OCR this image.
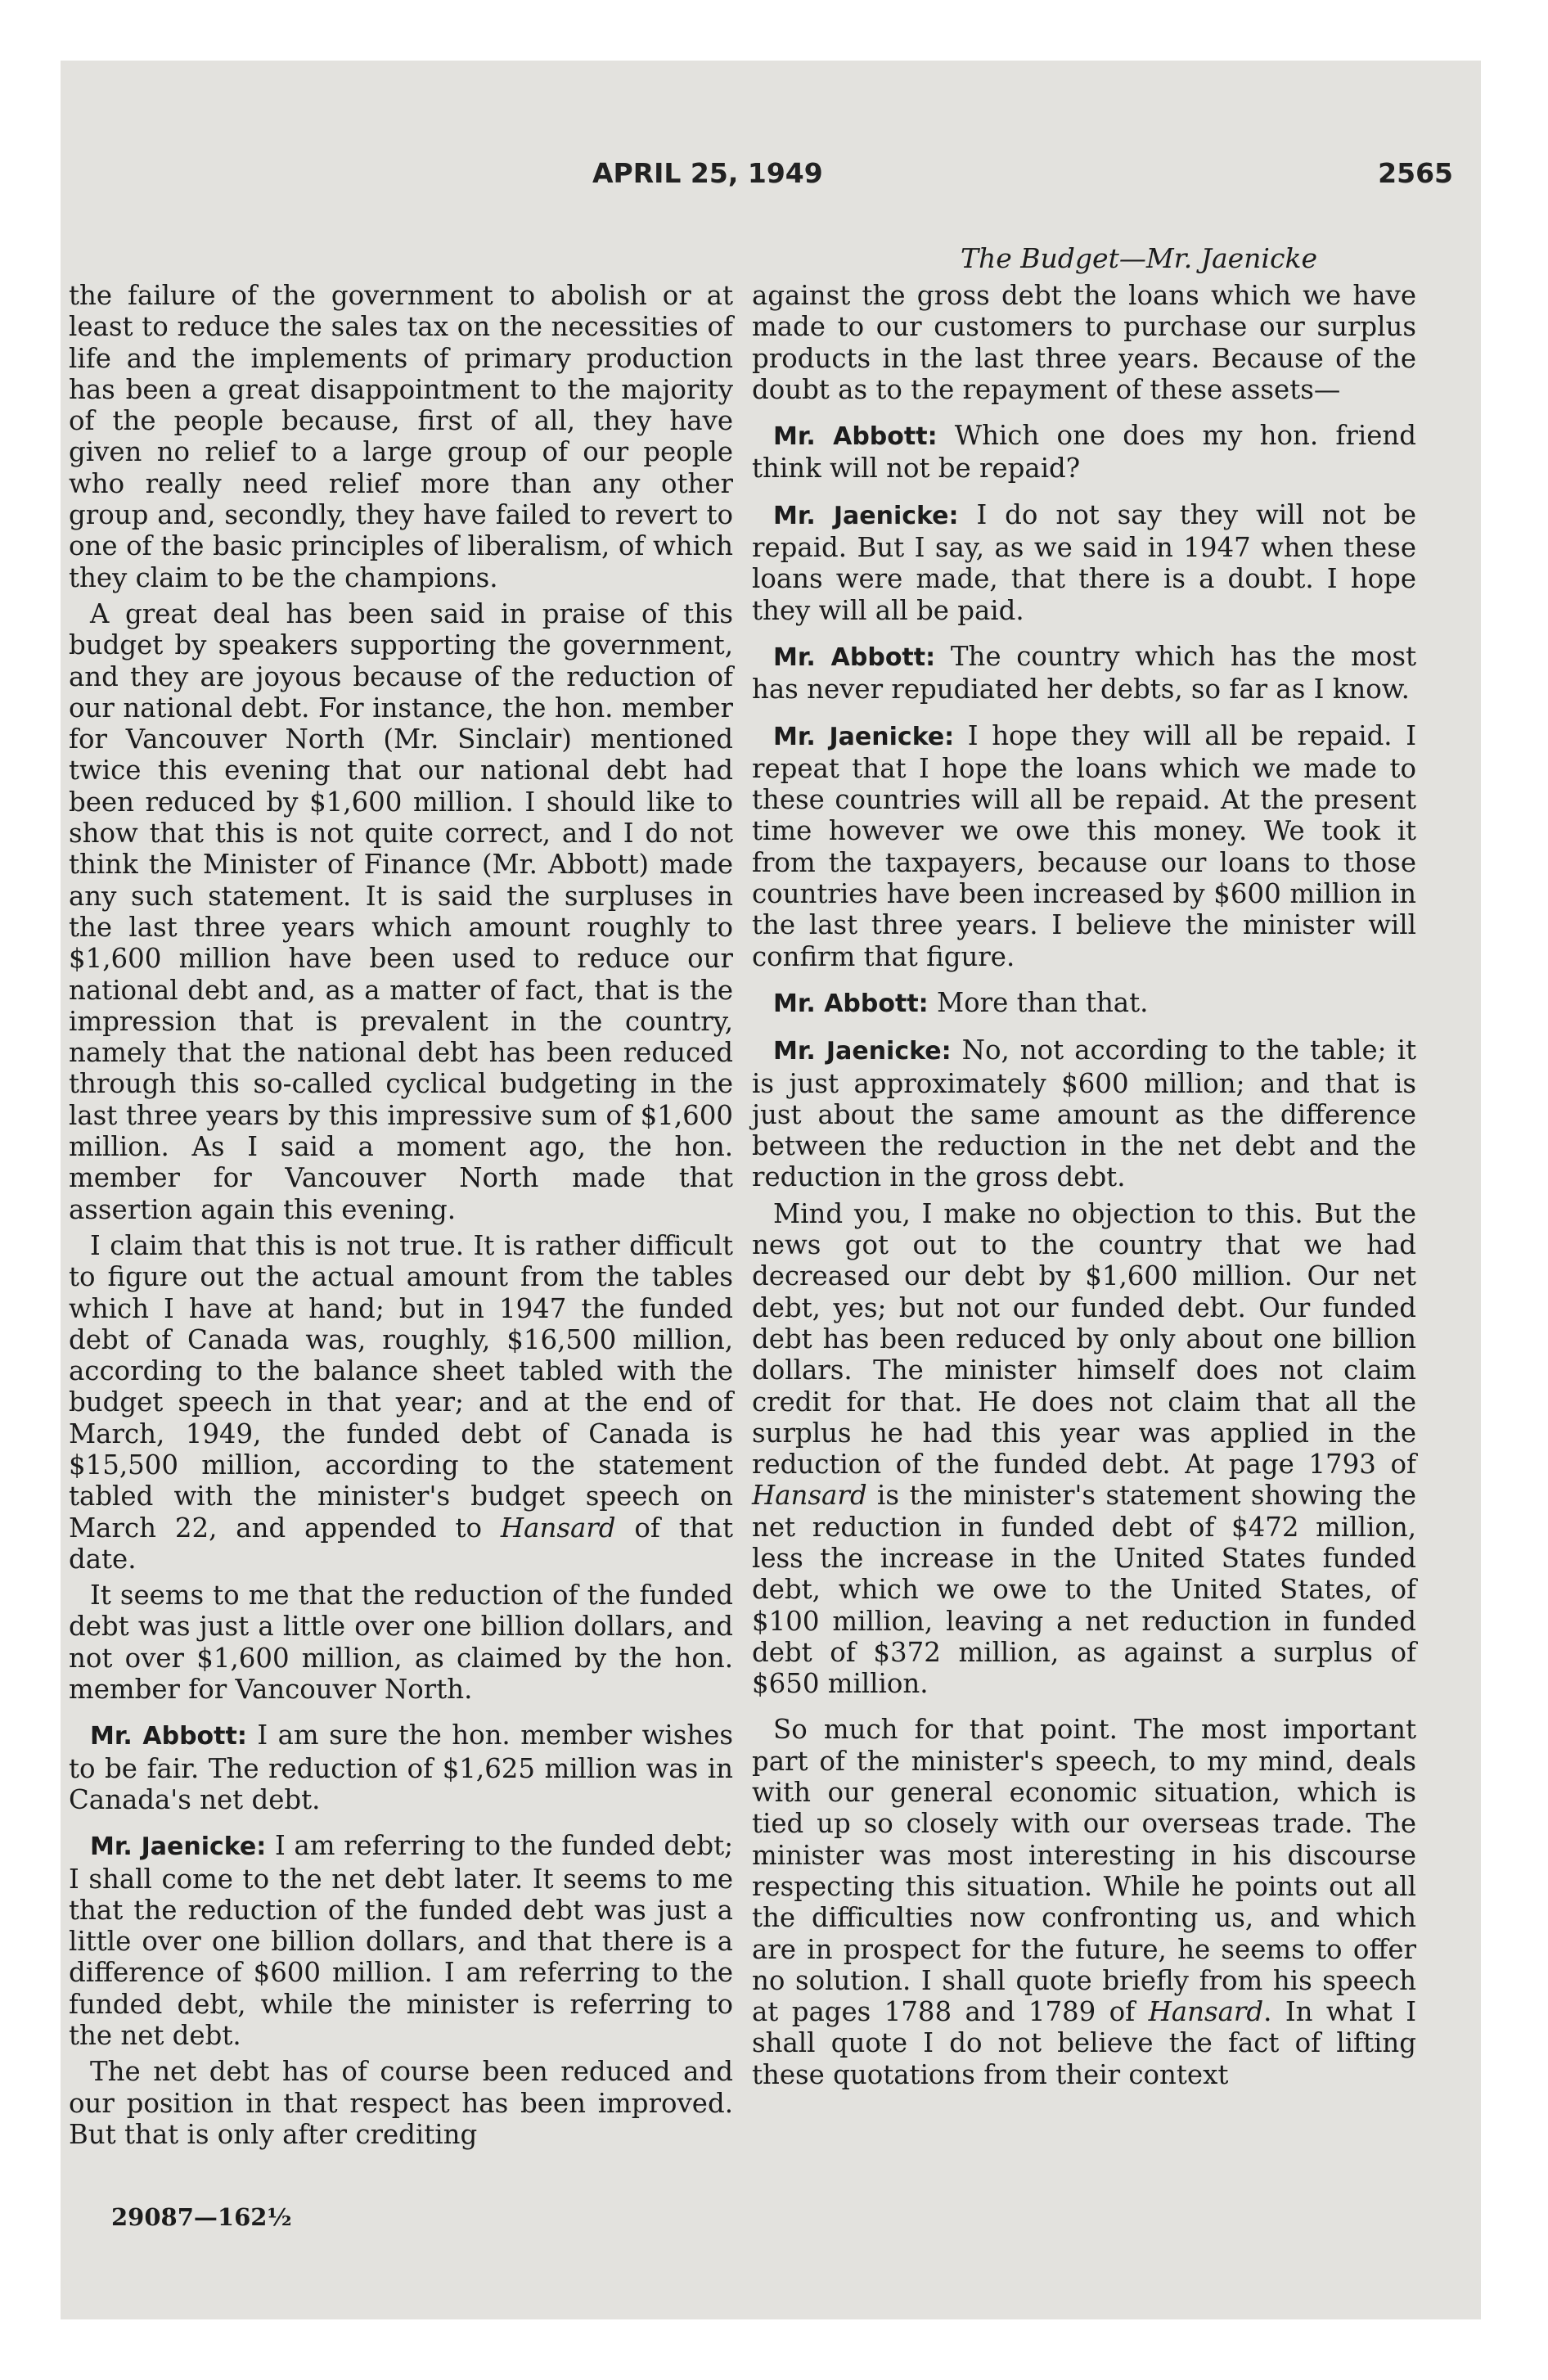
APRIL 25, 1949	2565
The Budget—Mr. Jaenicke

the failure of the government to abolish or at least to reduce the sales tax on the necessities of life and the implements of primary production has been a great disappointment to the majority of the people because, first of all, they have given no relief to a large group of our people who really need relief more than any other group and, secondly, they have failed to revert to one of the basic principles of liberalism, of which they claim to be the champions.

A great deal has been said in praise of this budget by speakers supporting the government, and they are joyous because of the reduction of our national debt. For instance, the hon. member for Vancouver North (Mr. Sinclair) mentioned twice this evening that our national debt had been reduced by $1,600 million. I should like to show that this is not quite correct, and I do not think the Minister of Finance (Mr. Abbott) made any such statement. It is said the surpluses in the last three years which amount roughly to $1,600 million have been used to reduce our national debt and, as a matter of fact, that is the impression that is prevalent in the country, namely that the national debt has been reduced through this so-called cyclical budgeting in the last three years by this impressive sum of $1,600 million. As I said a moment ago, the hon. member for Vancouver North made that assertion again this evening.

I claim that this is not true. It is rather difficult to figure out the actual amount from the tables which I have at hand; but in 1947 the funded debt of Canada was, roughly, $16,500 million, according to the balance sheet tabled with the budget speech in that year; and at the end of March, 1949, the funded debt of Canada is $15,500 million, according to the statement tabled with the minister's budget speech on March 22, and appended to Hansard of that date.

It seems to me that the reduction of the funded debt was just a little over one billion dollars, and not over $1,600 million, as claimed by the hon. member for Vancouver North.

Mr. Abbott: I am sure the hon. member wishes to be fair. The reduction of $1,625 million was in Canada's net debt.

Mr. Jaenicke: I am referring to the funded debt; I shall come to the net debt later. It seems to me that the reduction of the funded debt was just a little over one billion dollars, and that there is a difference of $600 million. I am referring to the funded debt, while the minister is referring to the net debt.

The net debt has of course been reduced and our position in that respect has been improved. But that is only after crediting

against the gross debt the loans which we have made to our customers to purchase our surplus products in the last three years. Because of the doubt as to the repayment of these assets—

Mr. Abbott: Which one does my hon. friend think will not be repaid?

Mr. Jaenicke: I do not say they will not be repaid. But I say, as we said in 1947 when these loans were made, that there is a doubt. I hope they will all be paid.

Mr. Abbott: The country which has the most has never repudiated her debts, so far as I know.

Mr. Jaenicke: I hope they will all be repaid. I repeat that I hope the loans which we made to these countries will all be repaid. At the present time however we owe this money. We took it from the taxpayers, because our loans to those countries have been increased by $600 million in the last three years. I believe the minister will confirm that figure.

Mr. Abbott: More than that.

Mr. Jaenicke: No, not according to the table; it is just approximately $600 million; and that is just about the same amount as the difference between the reduction in the net debt and the reduction in the gross debt.

Mind you, I make no objection to this. But the news got out to the country that we had decreased our debt by $1,600 million. Our net debt, yes; but not our funded debt. Our funded debt has been reduced by only about one billion dollars. The minister himself does not claim credit for that. He does not claim that all the surplus he had this year was applied in the reduction of the funded debt. At page 1793 of Hansard is the minister's statement showing the net reduction in funded debt of $472 million, less the increase in the United States funded debt, which we owe to the United States, of $100 million, leaving a net reduction in funded debt of $372 million, as against a surplus of $650 million.

So much for that point. The most important part of the minister's speech, to my mind, deals with our general economic situation, which is tied up so closely with our overseas trade. The minister was most interesting in his discourse respecting this situation. While he points out all the difficulties now confronting us, and which are in prospect for the future, he seems to offer no solution. I shall quote briefly from his speech at pages 1788 and 1789 of Hansard. In what I shall quote I do not believe the fact of lifting these quotations from their context

29087—162½
